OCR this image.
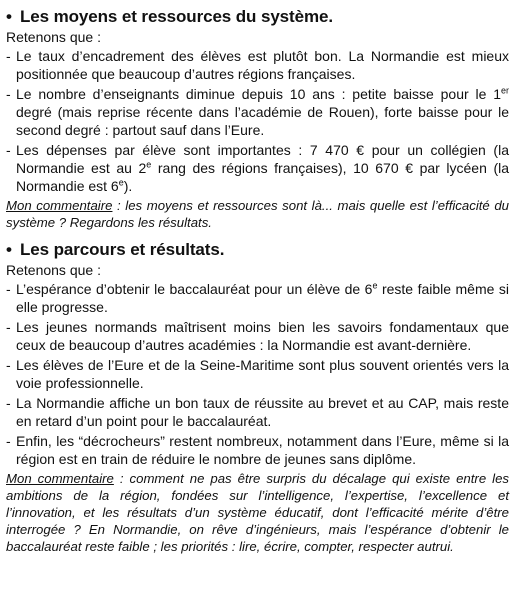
• Les moyens et ressources du système.
Retenons que :
- Le taux d’encadrement des élèves est plutôt bon. La Normandie est mieux positionnée que beaucoup d’autres régions françaises.
- Le nombre d’enseignants diminue depuis 10 ans : petite baisse pour le 1er degré (mais reprise récente dans l’académie de Rouen), forte baisse pour le second degré : partout sauf dans l’Eure.
- Les dépenses par élève sont importantes : 7 470 € pour un collégien (la Normandie est au 2e rang des régions françaises), 10 670 € par lycéen (la Normandie est 6e).

Mon commentaire : les moyens et ressources sont là... mais quelle est l’efficacité du système ? Regardons les résultats.

• Les parcours et résultats.
Retenons que :
- L’espérance d’obtenir le baccalauréat pour un élève de 6e reste faible même si elle progresse.
- Les jeunes normands maîtrisent moins bien les savoirs fondamentaux que ceux de beaucoup d’autres académies : la Normandie est avant-dernière.
- Les élèves de l’Eure et de la Seine-Maritime sont plus souvent orientés vers la voie professionnelle.
- La Normandie affiche un bon taux de réussite au brevet et au CAP, mais reste en retard d’un point pour le baccalauréat.
- Enfin, les “décrocheurs” restent nombreux, notamment dans l’Eure, même si la région est en train de réduire le nombre de jeunes sans diplôme.

Mon commentaire : comment ne pas être surpris du décalage qui existe entre les ambitions de la région, fondées sur l’intelligence, l’expertise, l’excellence et l’innovation, et les résultats d’un système éducatif, dont l’efficacité mérite d’être interrogée ? En Normandie, on rêve d’ingénieurs, mais l’espérance d’obtenir le baccalauréat reste faible ; les priorités : lire, écrire, compter, respecter autrui.
